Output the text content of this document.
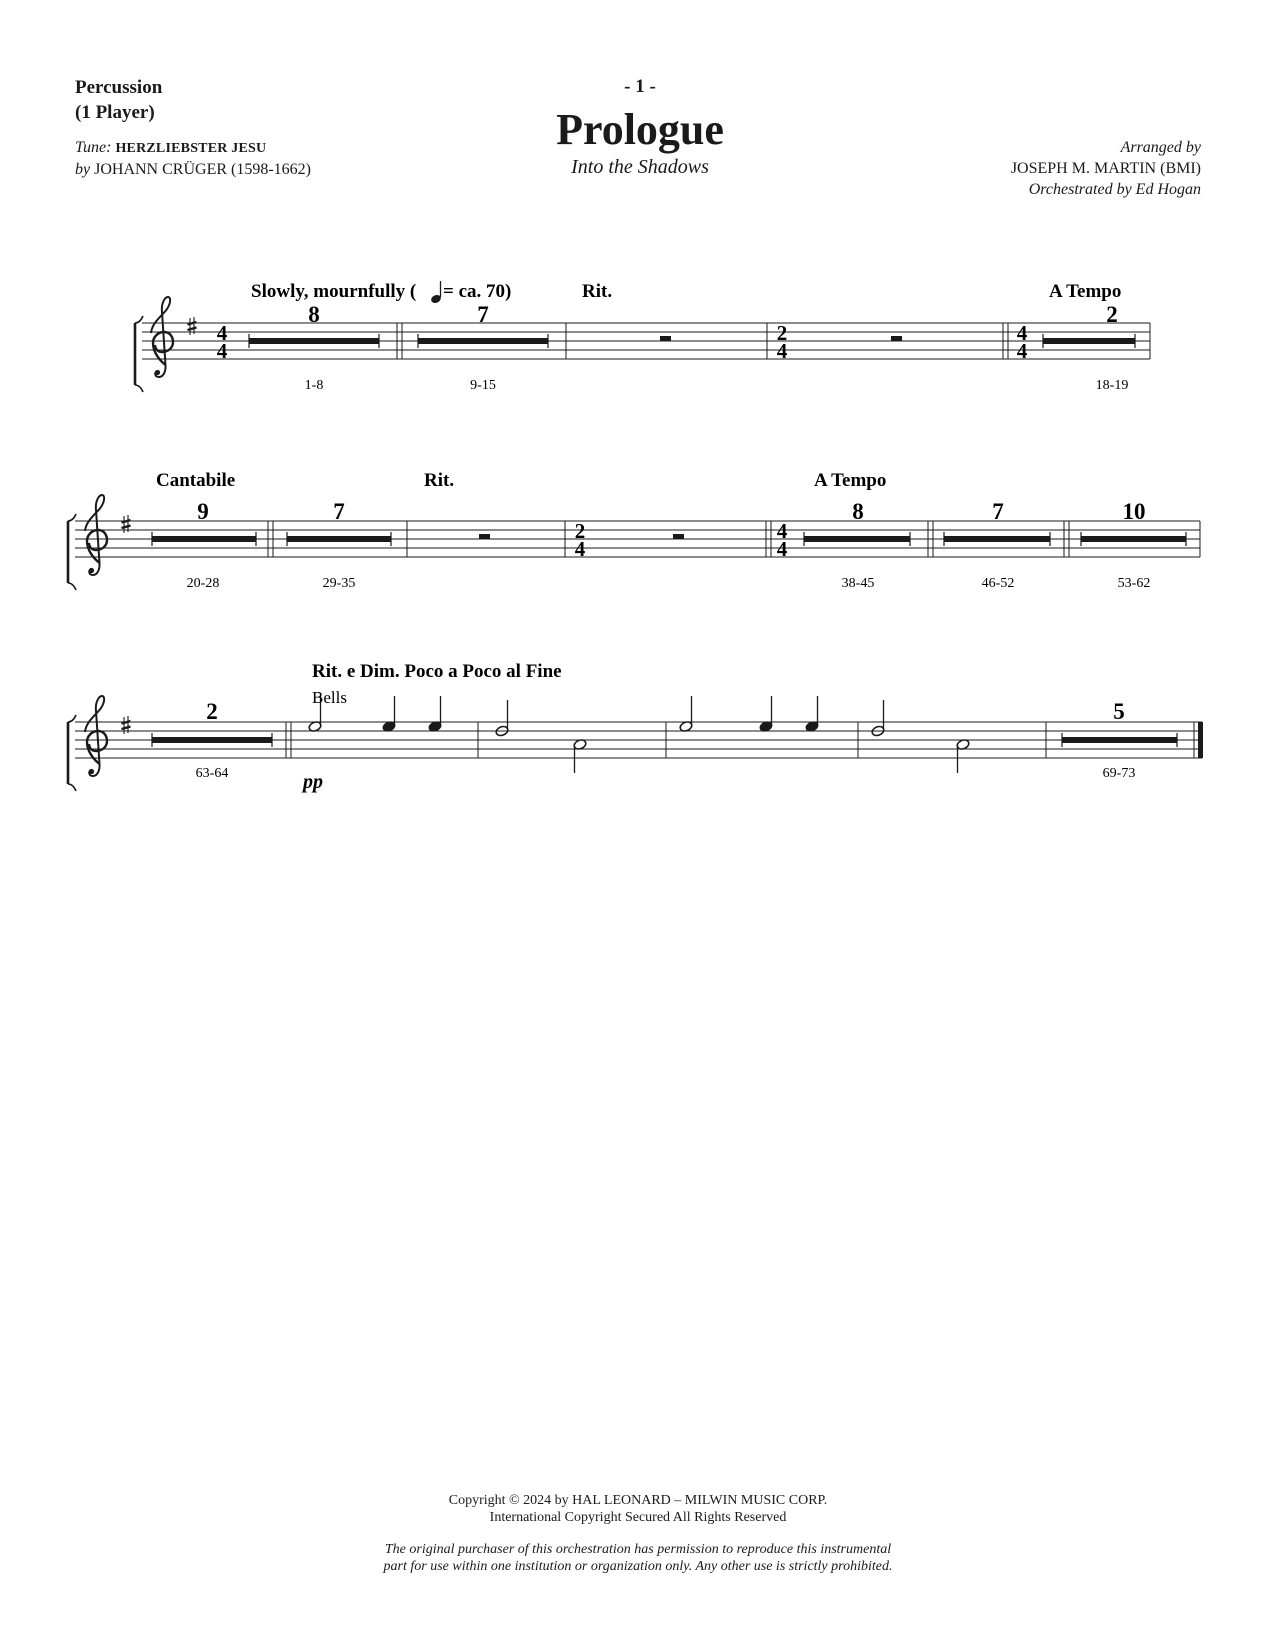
Percussion
(1 Player)
Tune: HERZLIEBSTER JESU
by JOHANN CRÜGER (1598-1662)
- 1 -
Prologue
Into the Shadows
Arranged by
JOSEPH M. MARTIN (BMI)
Orchestrated by Ed Hogan
4
4
2
4
4
4
Slowly, mournfully ( = ca. 70)	Rit.	A Tempo
8	7	2
1-8	9-15	18-19
2
4
4
4
Cantabile	Rit.	A Tempo
9	7	8	7	10
20-28	29-35	38-45	46-52	53-62
Rit. e Dim. Poco a Poco al Fine
Bells
pp
2	5
63-64	69-73
Copyright © 2024 by HAL LEONARD – MILWIN MUSIC CORP.
International Copyright Secured All Rights Reserved
The original purchaser of this orchestration has permission to reproduce this instrumental
part for use within one institution or organization only. Any other use is strictly prohibited.
